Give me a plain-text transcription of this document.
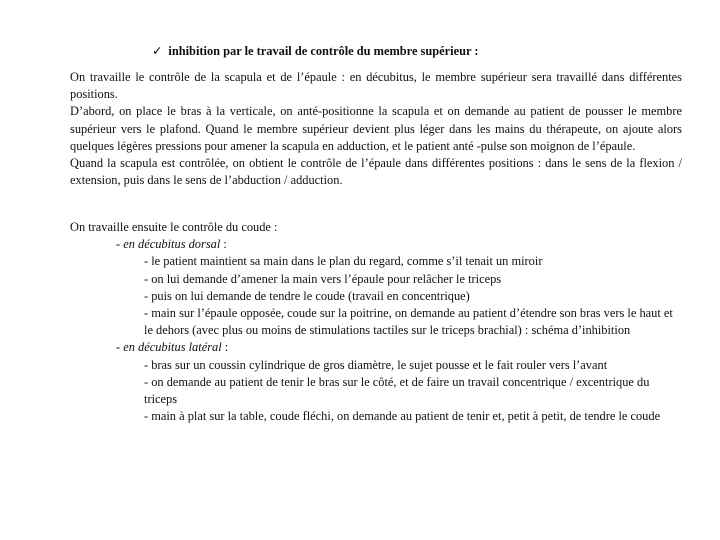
✓ inhibition par le travail de contrôle du membre supérieur :

On travaille le contrôle de la scapula et de l’épaule : en décubitus, le membre supérieur sera travaillé dans différentes positions.

D’abord, on place le bras à la verticale, on anté-positionne la scapula et on demande au patient de pousser le membre supérieur vers le plafond. Quand le membre supérieur devient plus léger dans les mains du thérapeute, on ajoute alors quelques légères pressions pour amener la scapula en adduction, et le patient anté -pulse son moignon de l’épaule.

Quand la scapula est contrôlée, on obtient le contrôle de l’épaule dans différentes positions : dans le sens de la flexion / extension, puis dans le sens de l’abduction / adduction.

On travaille ensuite le contrôle du coude :

- en décubitus dorsal :
- le patient maintient sa main dans le plan du regard, comme s’il tenait un miroir
- on lui demande d’amener la main vers l’épaule pour relâcher le triceps
- puis on lui demande de tendre le coude (travail en concentrique)
- main sur l’épaule opposée, coude sur la poitrine, on demande au patient d’étendre son bras vers le haut et le dehors (avec plus ou moins de stimulations tactiles sur le triceps brachial) : schéma d’inhibition
- en décubitus latéral :
- bras sur un coussin cylindrique de gros diamètre, le sujet pousse et le fait rouler vers l’avant
- on demande au patient de tenir le bras sur le côté, et de faire un travail concentrique / excentrique du triceps
- main à plat sur la table, coude fléchi, on demande au patient de tenir et, petit à petit, de tendre le coude
